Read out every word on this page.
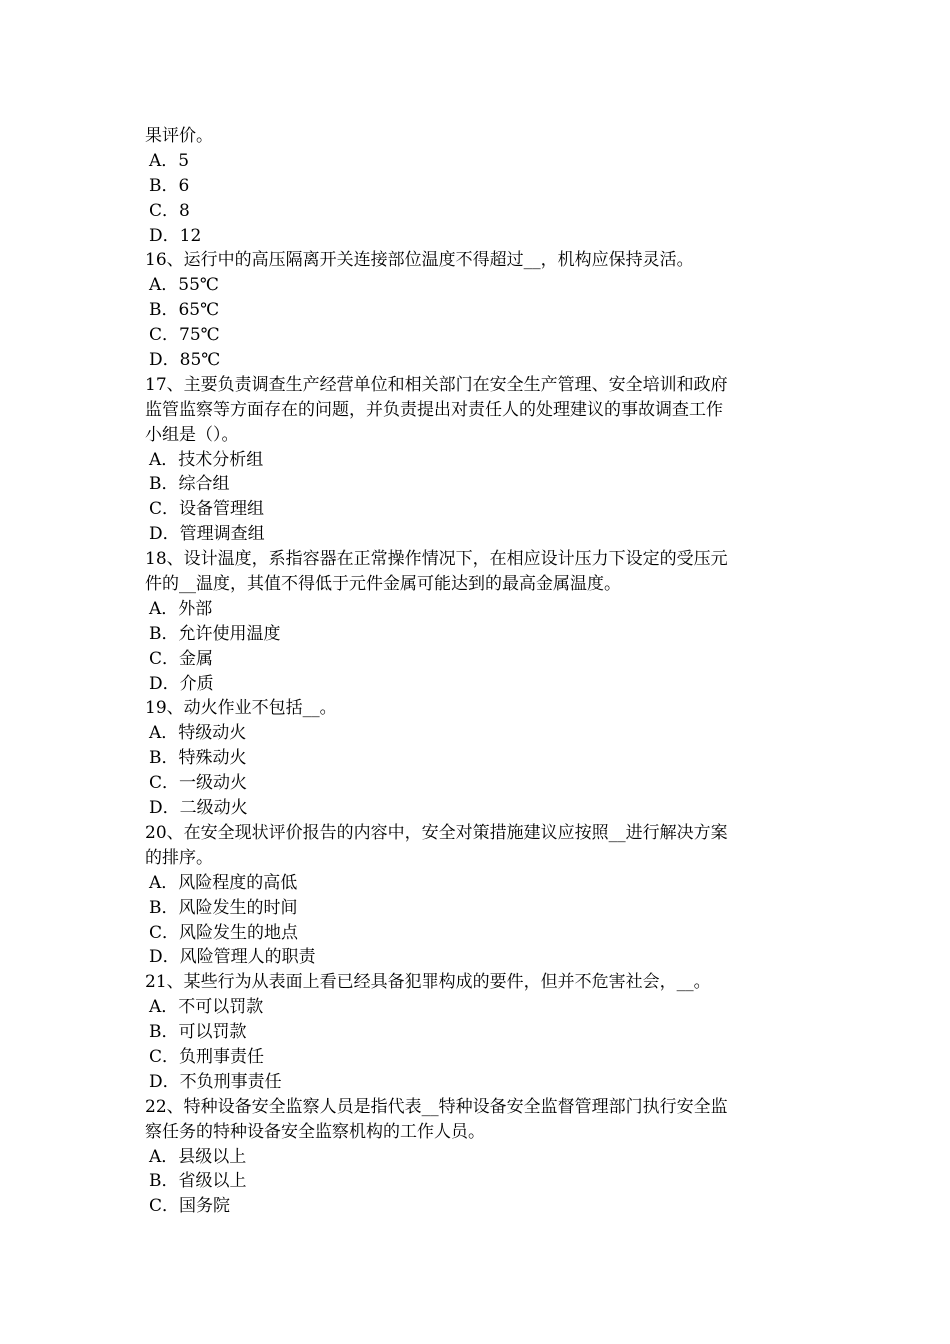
果评价。
A．5
B．6
C．8
D．12
16、运行中的高压隔离开关连接部位温度不得超过__，机构应保持灵活。
A．55℃
B．65℃
C．75℃
D．85℃
17、主要负责调查生产经营单位和相关部门在安全生产管理、安全培训和政府
监管监察等方面存在的问题，并负责提出对责任人的处理建议的事故调查工作
小组是（）。
A．技术分析组
B．综合组
C．设备管理组
D．管理调查组
18、设计温度，系指容器在正常操作情况下，在相应设计压力下设定的受压元
件的__温度，其值不得低于元件金属可能达到的最高金属温度。
A．外部
B．允许使用温度
C．金属
D．介质
19、动火作业不包括__。
A．特级动火
B．特殊动火
C．一级动火
D．二级动火
20、在安全现状评价报告的内容中，安全对策措施建议应按照__进行解决方案
的排序。
A．风险程度的高低
B．风险发生的时间
C．风险发生的地点
D．风险管理人的职责
21、某些行为从表面上看已经具备犯罪构成的要件，但并不危害社会，__。
A．不可以罚款
B．可以罚款
C．负刑事责任
D．不负刑事责任
22、特种设备安全监察人员是指代表__特种设备安全监督管理部门执行安全监
察任务的特种设备安全监察机构的工作人员。
A．县级以上
B．省级以上
C．国务院
